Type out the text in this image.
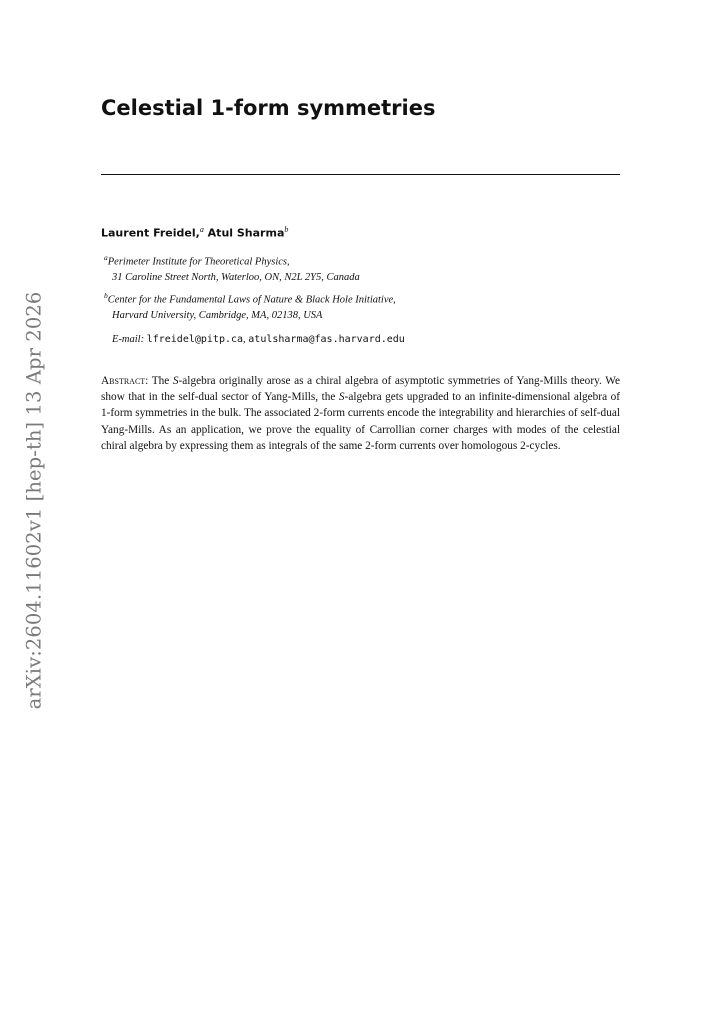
arXiv:2604.11602v1 [hep-th] 13 Apr 2026
Celestial 1-form symmetries
Laurent Freidel,$^a$ Atul Sharma$^b$
$^a$Perimeter Institute for Theoretical Physics,
31 Caroline Street North, Waterloo, ON, N2L 2Y5, Canada
$^b$Center for the Fundamental Laws of Nature & Black Hole Initiative,
Harvard University, Cambridge, MA, 02138, USA
E-mail: lfreidel@pitp.ca, atulsharma@fas.harvard.edu

Abstract: The S-algebra originally arose as a chiral algebra of asymptotic symmetries of Yang-Mills theory. We show that in the self-dual sector of Yang-Mills, the S-algebra gets upgraded to an infinite-dimensional algebra of 1-form symmetries in the bulk. The associated 2-form currents encode the integrability and hierarchies of self-dual Yang-Mills. As an application, we prove the equality of Carrollian corner charges with modes of the celestial chiral algebra by expressing them as integrals of the same 2-form currents over homologous 2-cycles.
